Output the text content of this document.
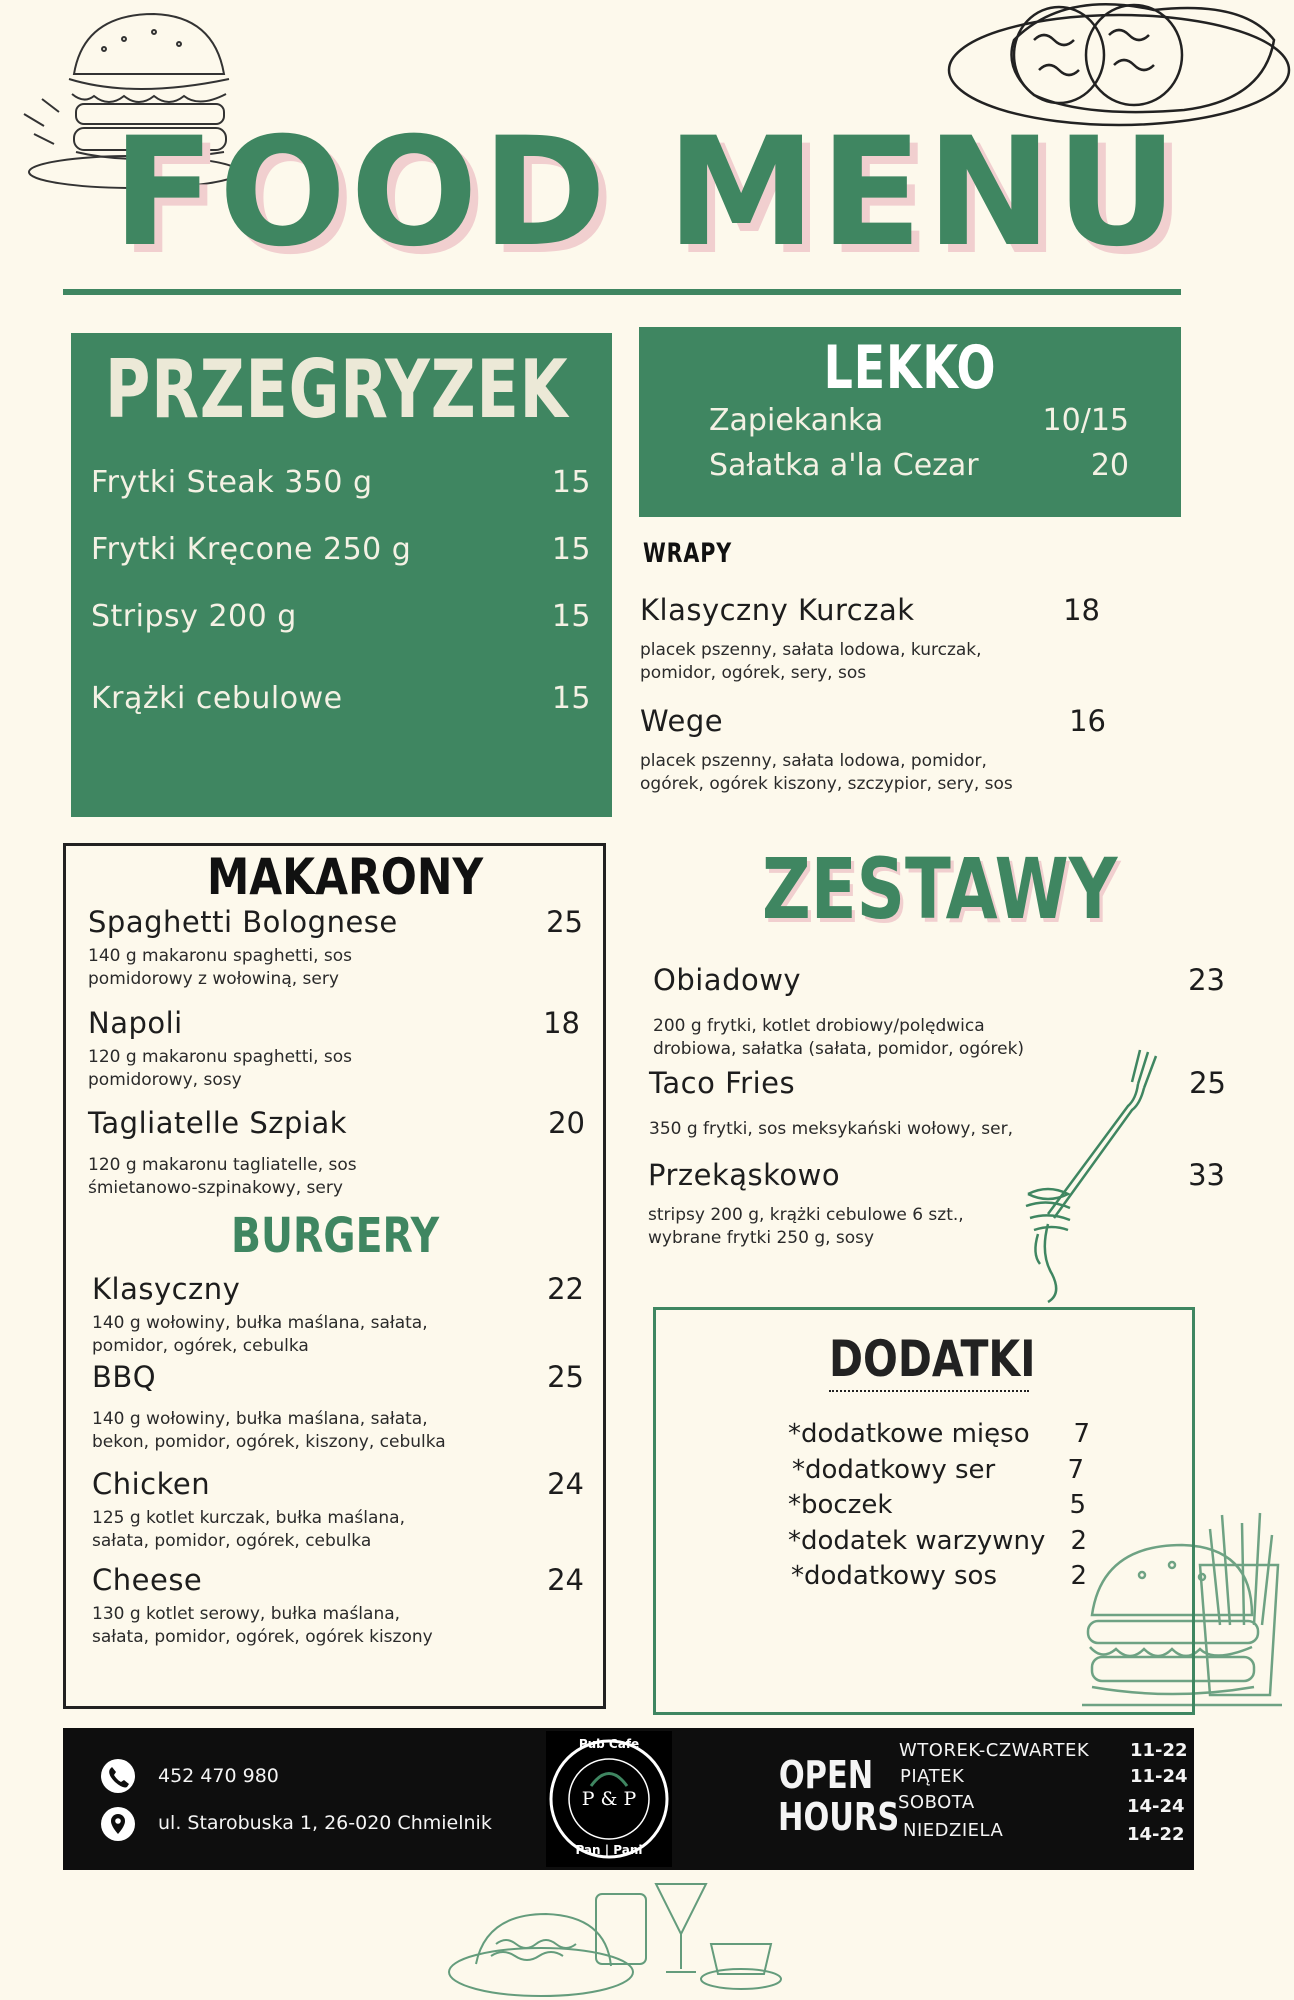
FOOD MENU
PRZEGRYZEK
Frytki Steak 350 g	15
Frytki Kręcone 250 g	15
Stripsy 200 g	15
Krążki cebulowe	15
LEKKO
Zapiekanka	10/15
Sałatka a'la Cezar	20
WRAPY
Klasyczny Kurczak	18
placek pszenny, sałata lodowa, kurczak,
pomidor, ogórek, sery, sos
Wege	16
placek pszenny, sałata lodowa, pomidor,
ogórek, ogórek kiszony, szczypior, sery, sos
MAKARONY
Spaghetti Bolognese	25
140 g makaronu spaghetti, sos
pomidorowy z wołowiną, sery
Napoli	18
120 g makaronu spaghetti, sos
pomidorowy, sosy
Tagliatelle Szpiak	20
120 g makaronu tagliatelle, sos
śmietanowo-szpinakowy, sery
BURGERY
Klasyczny	22
140 g wołowiny, bułka maślana, sałata,
pomidor, ogórek, cebulka
BBQ	25
140 g wołowiny, bułka maślana, sałata,
bekon, pomidor, ogórek, kiszony, cebulka
Chicken	24
125 g kotlet kurczak, bułka maślana,
sałata, pomidor, ogórek, cebulka
Cheese	24
130 g kotlet serowy, bułka maślana,
sałata, pomidor, ogórek, ogórek kiszony
ZESTAWY
Obiadowy	23
200 g frytki, kotlet drobiowy/polędwica
drobiowa, sałatka (sałata, pomidor, ogórek)
Taco Fries	25
350 g frytki, sos meksykański wołowy, ser,
Przekąskowo	33
stripsy 200 g, krążki cebulowe 6 szt.,
wybrane frytki 250 g, sosy
DODATKI
*dodatkowe mięso 7
*dodatkowy ser	7
*boczek	5
*dodatek warzywny 2
*dodatkowy sos	2
452 470 980
ul. Starobuska 1, 26-020 Chmielnik
Pub Cafe
P & P
Pan | Pani
OPEN
HOURS
WTOREK-CZWARTEK 11-22
PIĄTEK	11-24
SOBOTA	14-24
NIEDZIELA	14-22
